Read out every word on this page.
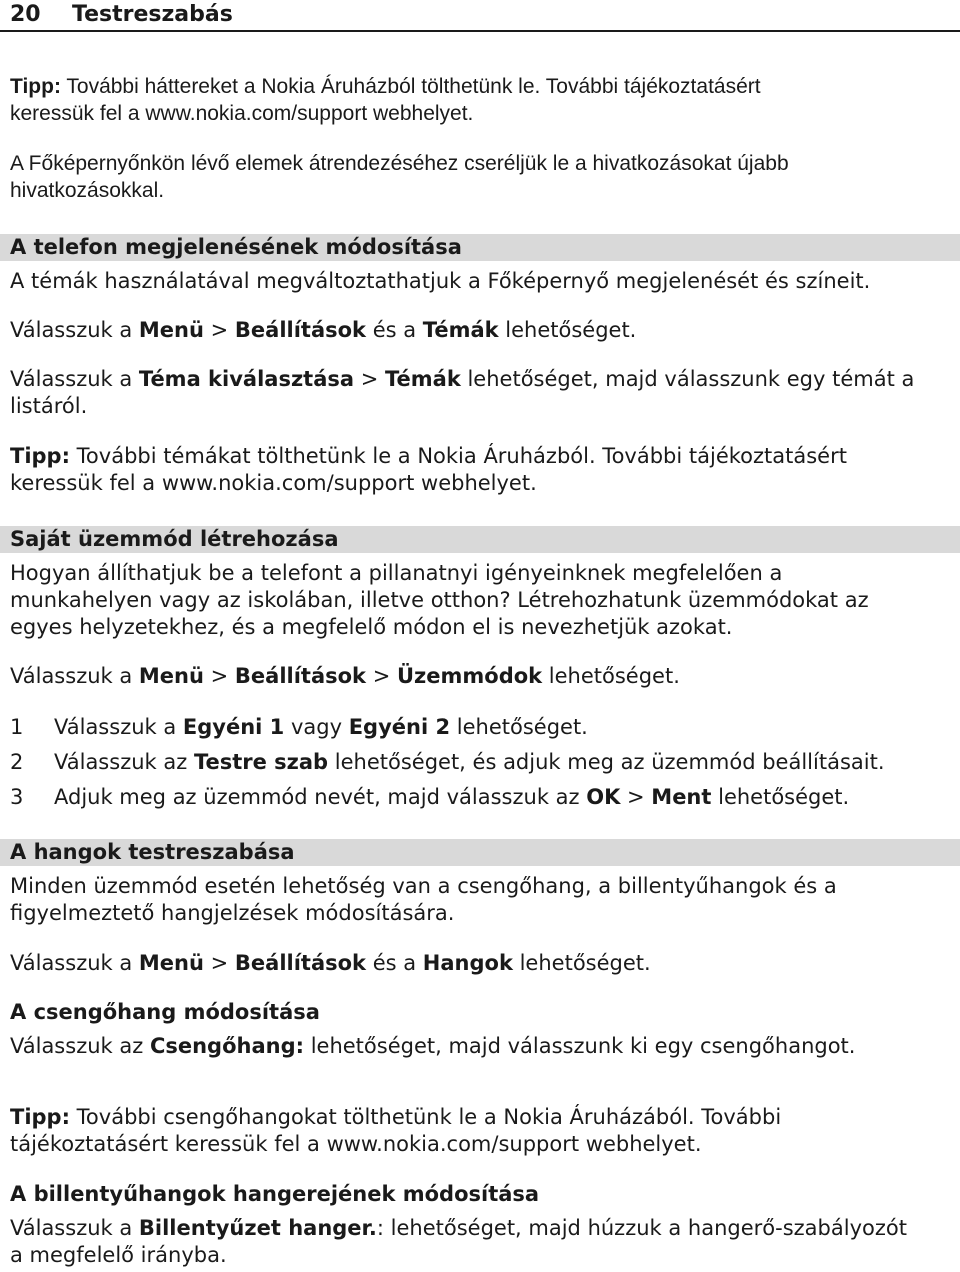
20 Testreszabás
Tipp: További háttereket a Nokia Áruházból tölthetünk le. További tájékoztatásért
keressük fel a www.nokia.com/support webhelyet.
A Főképernyőnkön lévő elemek átrendezéséhez cseréljük le a hivatkozásokat újabb
hivatkozásokkal.
A telefon megjelenésének módosítása
A témák használatával megváltoztathatjuk a Főképernyő megjelenését és színeit.
Válasszuk a Menü > Beállítások és a Témák lehetőséget.
Válasszuk a Téma kiválasztása > Témák lehetőséget, majd válasszunk egy témát a
listáról.
Tipp: További témákat tölthetünk le a Nokia Áruházból. További tájékoztatásért
keressük fel a www.nokia.com/support webhelyet.
Saját üzemmód létrehozása
Hogyan állíthatjuk be a telefont a pillanatnyi igényeinknek megfelelően a
munkahelyen vagy az iskolában, illetve otthon? Létrehozhatunk üzemmódokat az
egyes helyzetekhez, és a megfelelő módon el is nevezhetjük azokat.
Válasszuk a Menü > Beállítások > Üzemmódok lehetőséget.
1 Válasszuk a Egyéni 1 vagy Egyéni 2 lehetőséget.
2 Válasszuk az Testre szab lehetőséget, és adjuk meg az üzemmód beállításait.
3 Adjuk meg az üzemmód nevét, majd válasszuk az OK > Ment lehetőséget.
A hangok testreszabása
Minden üzemmód esetén lehetőség van a csengőhang, a billentyűhangok és a
figyelmeztető hangjelzések módosítására.
Válasszuk a Menü > Beállítások és a Hangok lehetőséget.
A csengőhang módosítása
Válasszuk az Csengőhang: lehetőséget, majd válasszunk ki egy csengőhangot.
Tipp: További csengőhangokat tölthetünk le a Nokia Áruházából. További
tájékoztatásért keressük fel a www.nokia.com/support webhelyet.
A billentyűhangok hangerejének módosítása
Válasszuk a Billentyűzet hanger.: lehetőséget, majd húzzuk a hangerő-szabályozót
a megfelelő irányba.
